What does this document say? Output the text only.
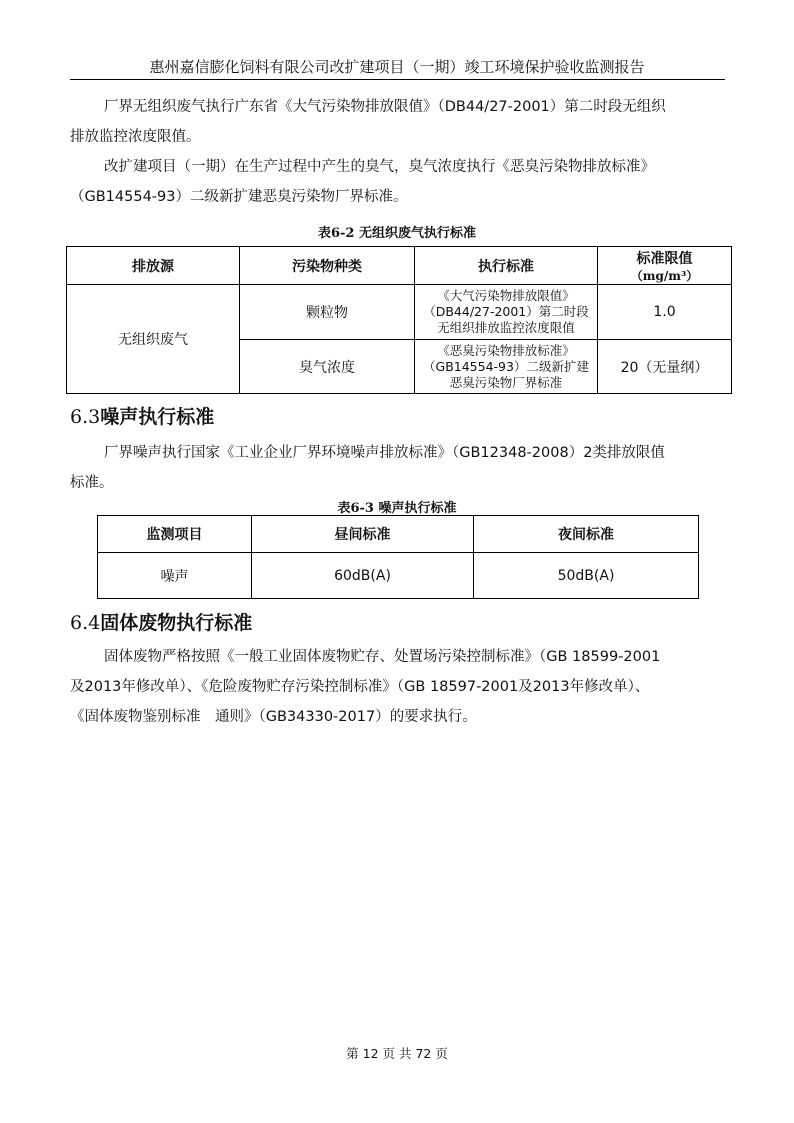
惠州嘉信膨化饲料有限公司改扩建项目（一期）竣工环境保护验收监测报告
厂界无组织废气执行广东省《大气污染物排放限值》（DB44/27-2001）第二时段无组织
排放监控浓度限值。
改扩建项目（一期）在生产过程中产生的臭气，臭气浓度执行《恶臭污染物排放标准》
（GB14554-93）二级新扩建恶臭污染物厂界标准。
表6-2 无组织废气执行标准
排放源	污染物种类	执行标准	标准限值
（mg/m³）

无组织废气	颗粒物	《大气污染物排放限值》
（DB44/27-2001）第二时段
无组织排放监控浓度限值	1.0
	臭气浓度	《恶臭污染物排放标准》
（GB14554-93）二级新扩建
恶臭污染物厂界标准	20（无量纲）
6.3噪声执行标准
厂界噪声执行国家《工业企业厂界环境噪声排放标准》（GB12348-2008）2类排放限值
标准。
表6-3 噪声执行标准
监测项目	昼间标准	夜间标准
噪声	60dB(A)	50dB(A)
6.4固体废物执行标准
固体废物严格按照《一般工业固体废物贮存、处置场污染控制标准》（GB 18599-2001
及2013年修改单）、《危险废物贮存污染控制标准》（GB 18597-2001及2013年修改单）、
《固体废物鉴别标准　通则》（GB34330-2017）的要求执行。
第 12 页 共 72 页
